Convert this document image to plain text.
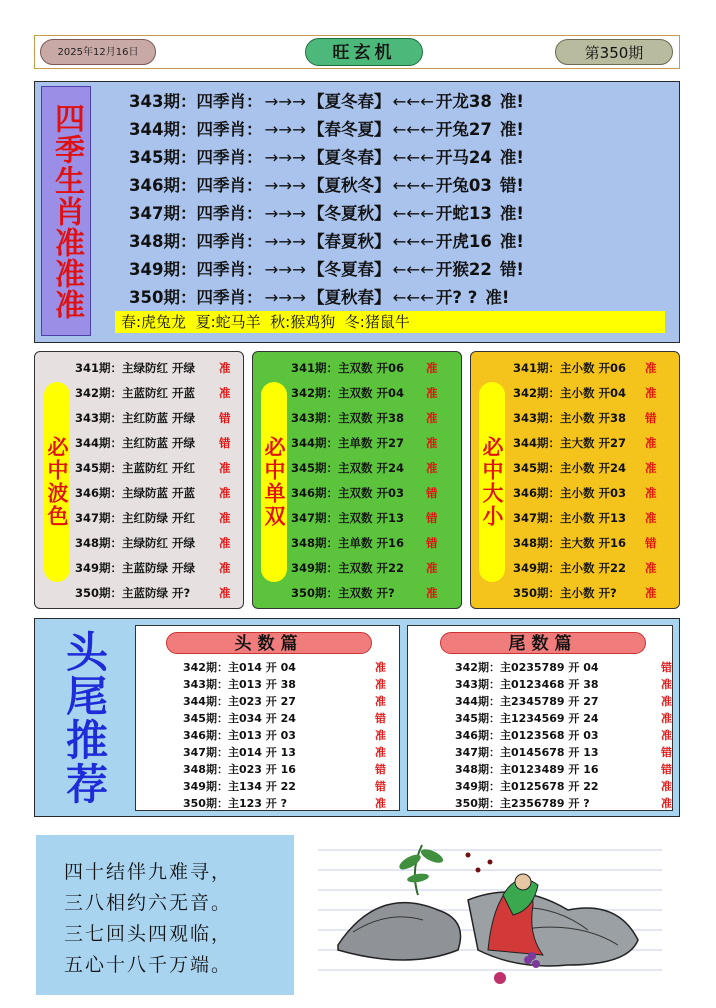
2025年12月16日	旺玄机	第350期
四季生肖准准准
春:虎兔龙  夏:蛇马羊  秋:猴鸡狗  冬:猪鼠牛
343期：四季肖： →→→ 【夏冬春】 ←←← 开龙38 准!
344期：四季肖： →→→ 【春冬夏】 ←←← 开兔27 准!
345期：四季肖： →→→ 【夏冬春】 ←←← 开马24 准!
346期：四季肖： →→→ 【夏秋冬】 ←←← 开兔03 错!
347期：四季肖： →→→ 【冬夏秋】 ←←← 开蛇13 准!
348期：四季肖： →→→ 【春夏秋】 ←←← 开虎16 准!
349期：四季肖： →→→ 【冬夏春】 ←←← 开猴22 错!
350期：四季肖： →→→ 【夏秋春】 ←←← 开? ? 准!
必中波色
341期：主绿防红 开绿 准
342期：主蓝防红 开蓝 准
343期：主红防蓝 开绿 错
344期：主红防蓝 开绿 错
345期：主蓝防红 开红 准
346期：主绿防蓝 开蓝 准
347期：主红防绿 开红 准
348期：主绿防红 开绿 准
349期：主蓝防绿 开绿 准
350期：主蓝防绿 开?	准
必中单双
341期：主双数 开06 准
342期：主双数 开04 准
343期：主双数 开38 准
344期：主单数 开27 准
345期：主双数 开24 准
346期：主双数 开03 错
347期：主双数 开13 错
348期：主单数 开16 错
349期：主双数 开22 准
350期：主双数 开?	准
必中大小
341期：主小数 开06 准
342期：主小数 开04 准
343期：主小数 开38 错
344期：主大数 开27 准
345期：主小数 开24 准
346期：主小数 开03 准
347期：主小数 开13 准
348期：主大数 开16 错
349期：主小数 开22 准
350期：主小数 开? 准
头
尾
推
荐
头数篇
342期：主014 开 04	准
343期：主013 开 38	准
344期：主023 开 27	准
345期：主034 开 24	错
346期：主013 开 03	准
347期：主014 开 13	准
348期：主023 开 16	错
349期：主134 开 22	错
350期：主123 开 ?	准
尾数篇
342期：主0235789 开 04	错
343期：主0123468 开 38	准
344期：主2345789 开 27	准
345期：主1234569 开 24	准
346期：主0123568 开 03	准
347期：主0145678 开 13	错
348期：主0123489 开 16	错
349期：主0125678 开 22	准
350期：主2356789 开 ?	准
四十结伴九难寻，
三八相约六无音。
三七回头四观临，
五心十八千万端。
